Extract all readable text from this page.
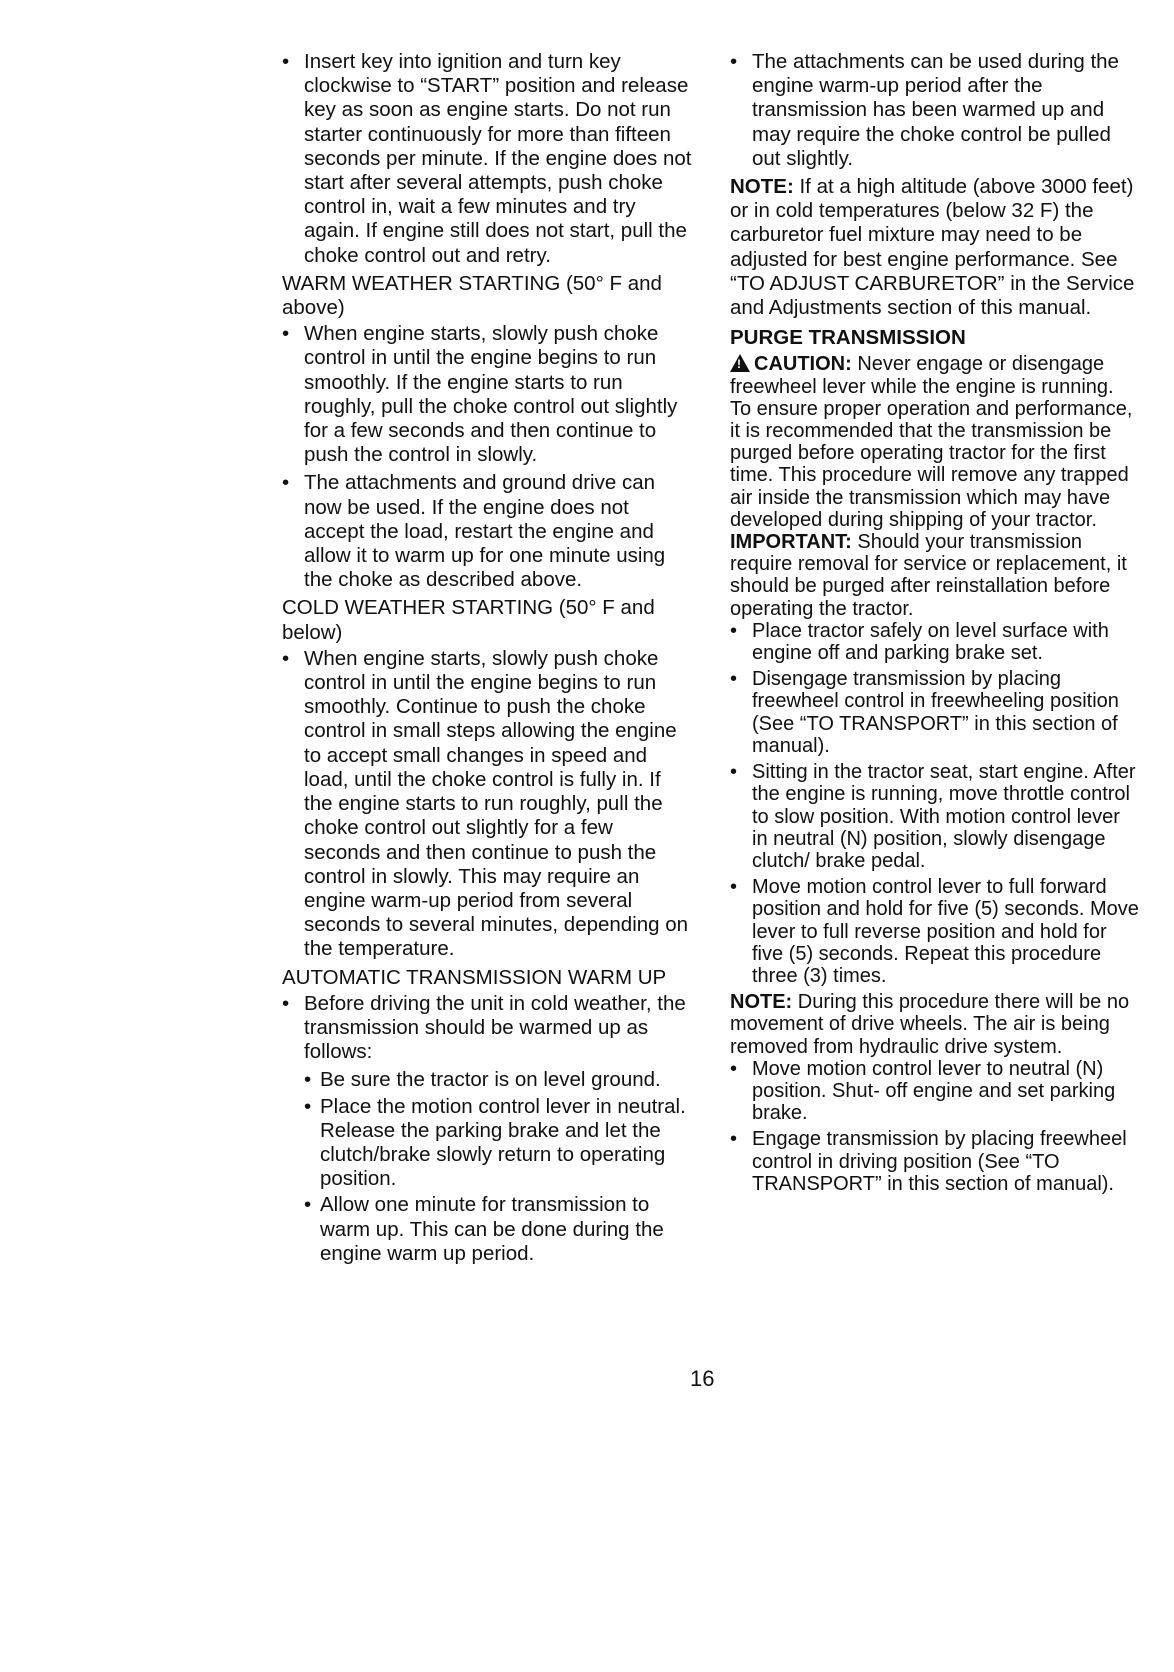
• Insert key into ignition and turn key clockwise to “START” position and release key as soon as engine starts. Do not run starter continuously for more than fifteen seconds per minute. If the engine does not start after several attempts, push choke control in, wait a few minutes and try again. If engine still does not start, pull the choke control out and retry.
WARM WEATHER STARTING (50° F and above)
• When engine starts, slowly push choke control in until the engine begins to run smoothly. If the engine starts to run roughly, pull the choke control out slightly for a few seconds and then continue to push the control in slowly.
• The attachments and ground drive can now be used. If the engine does not accept the load, restart the engine and allow it to warm up for one minute using the choke as described above.
COLD WEATHER STARTING (50° F and below)
• When engine starts, slowly push choke control in until the engine begins to run smoothly. Continue to push the choke control in small steps allowing the engine to accept small changes in speed and load, until the choke control is fully in. If the engine starts to run roughly, pull the choke control out slightly for a few seconds and then continue to push the control in slowly. This may require an engine warm-up period from several seconds to several minutes, depending on the temperature.
AUTOMATIC TRANSMISSION WARM UP
• Before driving the unit in cold weather, the transmission should be warmed up as follows:
• Be sure the tractor is on level ground.
• Place the motion control lever in neutral. Release the parking brake and let the clutch/brake slowly return to operating position.
• Allow one minute for transmission to warm up. This can be done during the engine warm up period.
• The attachments can be used during the engine warm-up period after the transmission has been warmed up and may require the choke control be pulled out slightly.
NOTE: If at a high altitude (above 3000 feet) or in cold temperatures (below 32 F) the carburetor fuel mixture may need to be adjusted for best engine performance. See “TO ADJUST CARBURETOR” in the Service and Adjustments section of this manual.
PURGE TRANSMISSION
!CAUTION: Never engage or disengage freewheel lever while the engine is running.
To ensure proper operation and performance, it is recommended that the transmission be purged before operating tractor for the first time. This procedure will remove any trapped air inside the transmission which may have developed during shipping of your tractor.
IMPORTANT: Should your transmission require removal for service or replacement, it should be purged after reinstallation before operating the tractor.
• Place tractor safely on level surface with engine off and parking brake set.
• Disengage transmission by placing freewheel control in freewheeling position (See “TO TRANSPORT” in this section of manual).
• Sitting in the tractor seat, start engine. After the engine is running, move throttle control to slow position. With motion control lever in neutral (N) position, slowly disengage clutch/ brake pedal.
• Move motion control lever to full forward position and hold for five (5) seconds. Move lever to full reverse position and hold for five (5) seconds. Repeat this procedure three (3) times.
NOTE: During this procedure there will be no movement of drive wheels. The air is being removed from hydraulic drive system.
• Move motion control lever to neutral (N) position. Shut- off engine and set parking brake.
• Engage transmission by placing freewheel control in driving position (See “TO TRANSPORT” in this section of manual).
16
